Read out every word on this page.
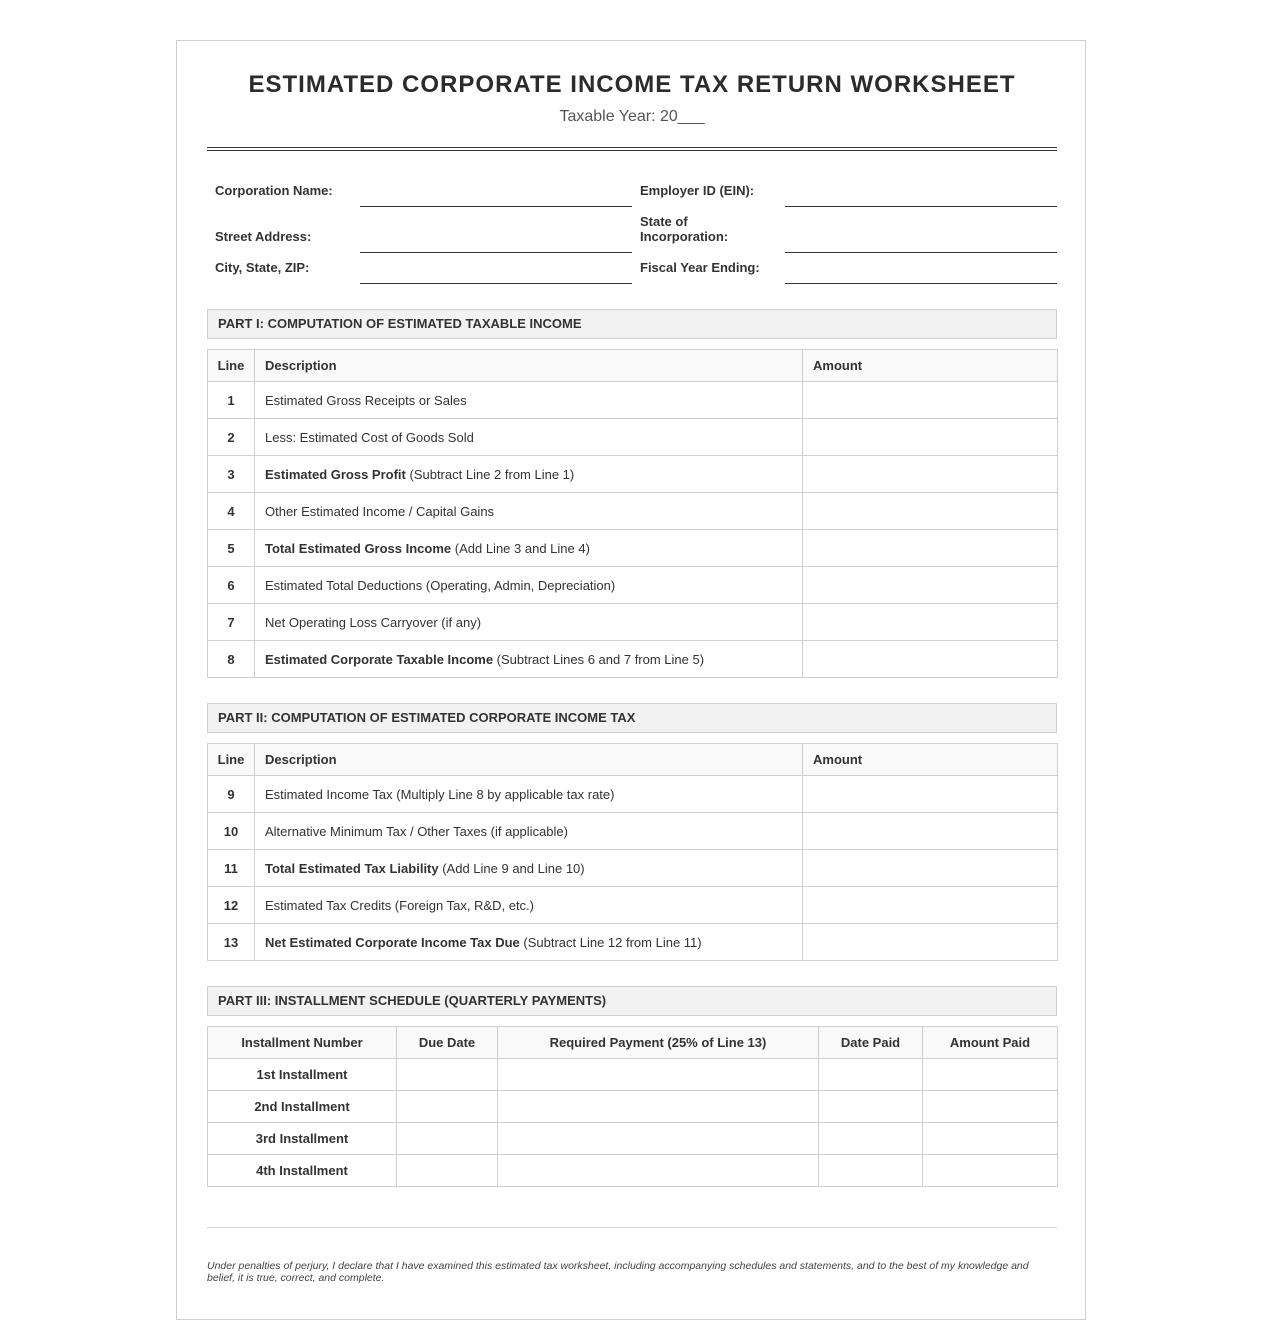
ESTIMATED CORPORATE INCOME TAX RETURN WORKSHEET
Taxable Year: 20___
Corporation Name:	Employer ID (EIN):
Street Address:
State of
Incorporation:
City, State, ZIP:	Fiscal Year Ending:
PART I: COMPUTATION OF ESTIMATED TAXABLE INCOME
Line	Description	Amount
1	Estimated Gross Receipts or Sales	
2	Less: Estimated Cost of Goods Sold	
3	Estimated Gross Profit (Subtract Line 2 from Line 1)	
4	Other Estimated Income / Capital Gains	
5	Total Estimated Gross Income (Add Line 3 and Line 4)	
6	Estimated Total Deductions (Operating, Admin, Depreciation)	
7	Net Operating Loss Carryover (if any)	
8	Estimated Corporate Taxable Income (Subtract Lines 6 and 7 from Line 5)	
PART II: COMPUTATION OF ESTIMATED CORPORATE INCOME TAX
Line	Description	Amount
9	Estimated Income Tax (Multiply Line 8 by applicable tax rate)	
10	Alternative Minimum Tax / Other Taxes (if applicable)	
11	Total Estimated Tax Liability (Add Line 9 and Line 10)	
12	Estimated Tax Credits (Foreign Tax, R&D, etc.)	
13	Net Estimated Corporate Income Tax Due (Subtract Line 12 from Line 11)	
PART III: INSTALLMENT SCHEDULE (QUARTERLY PAYMENTS)
Installment Number	Due Date	Required Payment (25% of Line 13)	Date Paid	Amount Paid
1st Installment				
2nd Installment				
3rd Installment				
4th Installment				
Under penalties of perjury, I declare that I have examined this estimated tax worksheet, including accompanying schedules and statements, and to the best of my knowledge and belief, it is true, correct, and complete.
